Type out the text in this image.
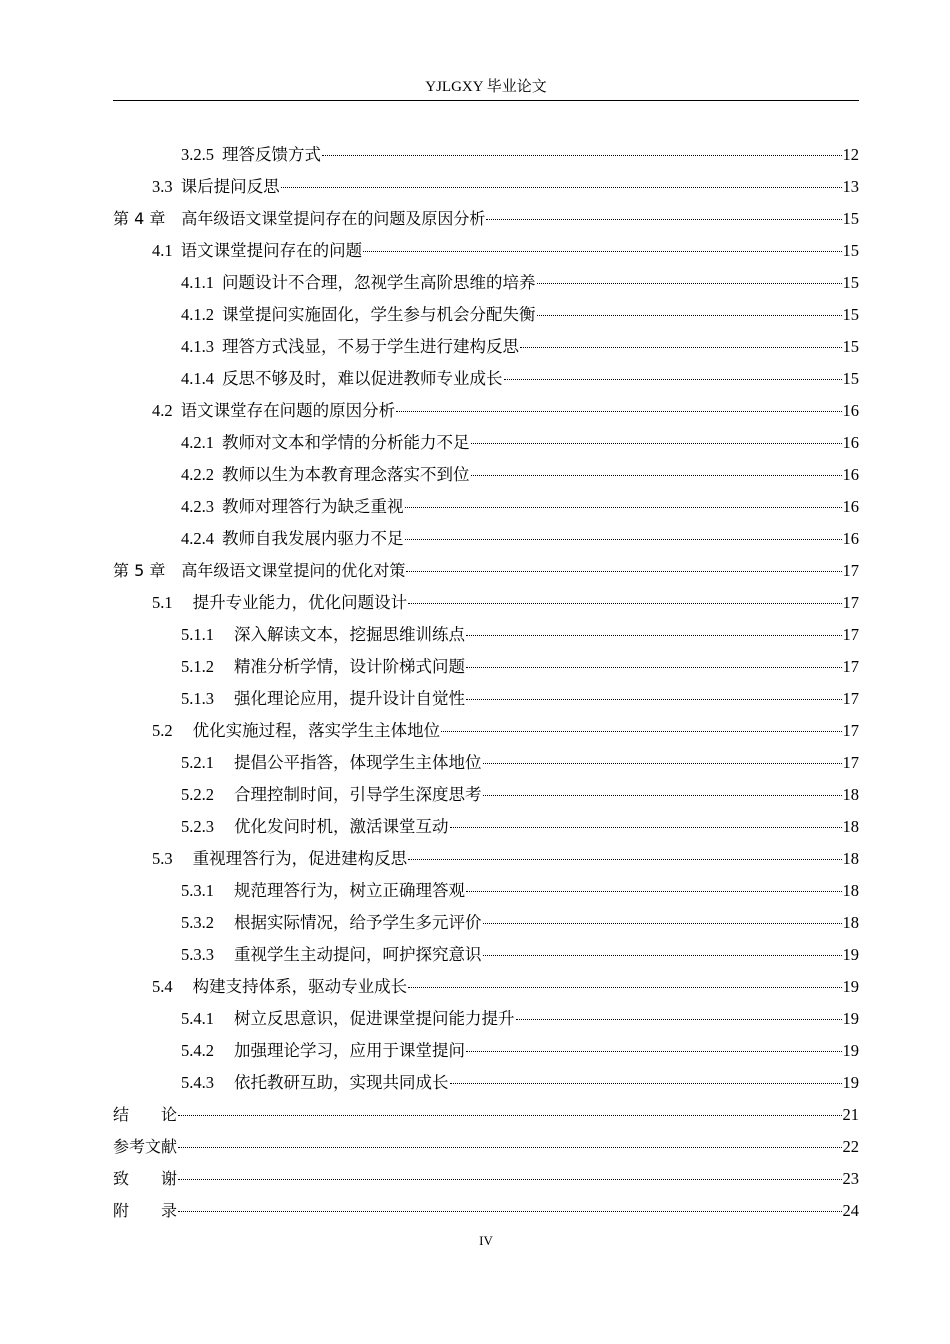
YJLGXY 毕业论文
3.2.5 理答反馈方式	12
3.3 课后提问反思	13
第 4 章 高年级语文课堂提问存在的问题及原因分析	15
4.1 语文课堂提问存在的问题	15
4.1.1 问题设计不合理，忽视学生高阶思维的培养	15
4.1.2 课堂提问实施固化，学生参与机会分配失衡	15
4.1.3 理答方式浅显，不易于学生进行建构反思	15
4.1.4 反思不够及时，难以促进教师专业成长	15
4.2 语文课堂存在问题的原因分析	16
4.2.1 教师对文本和学情的分析能力不足	16
4.2.2 教师以生为本教育理念落实不到位	16
4.2.3 教师对理答行为缺乏重视	16
4.2.4 教师自我发展内驱力不足	16
第 5 章 高年级语文课堂提问的优化对策	17
5.1 提升专业能力，优化问题设计	17
5.1.1 深入解读文本，挖掘思维训练点	17
5.1.2 精准分析学情，设计阶梯式问题	17
5.1.3 强化理论应用，提升设计自觉性	17
5.2 优化实施过程，落实学生主体地位	17
5.2.1 提倡公平指答，体现学生主体地位	17
5.2.2 合理控制时间，引导学生深度思考	18
5.2.3 优化发问时机，激活课堂互动	18
5.3 重视理答行为，促进建构反思	18
5.3.1 规范理答行为，树立正确理答观	18
5.3.2 根据实际情况，给予学生多元评价	18
5.3.3 重视学生主动提问，呵护探究意识	19
5.4 构建支持体系，驱动专业成长	19
5.4.1 树立反思意识，促进课堂提问能力提升	19
5.4.2 加强理论学习，应用于课堂提问	19
5.4.3 依托教研互助，实现共同成长	19
结　　论	21
参考文献	22
致　　谢	23
附　　录	24
IV
